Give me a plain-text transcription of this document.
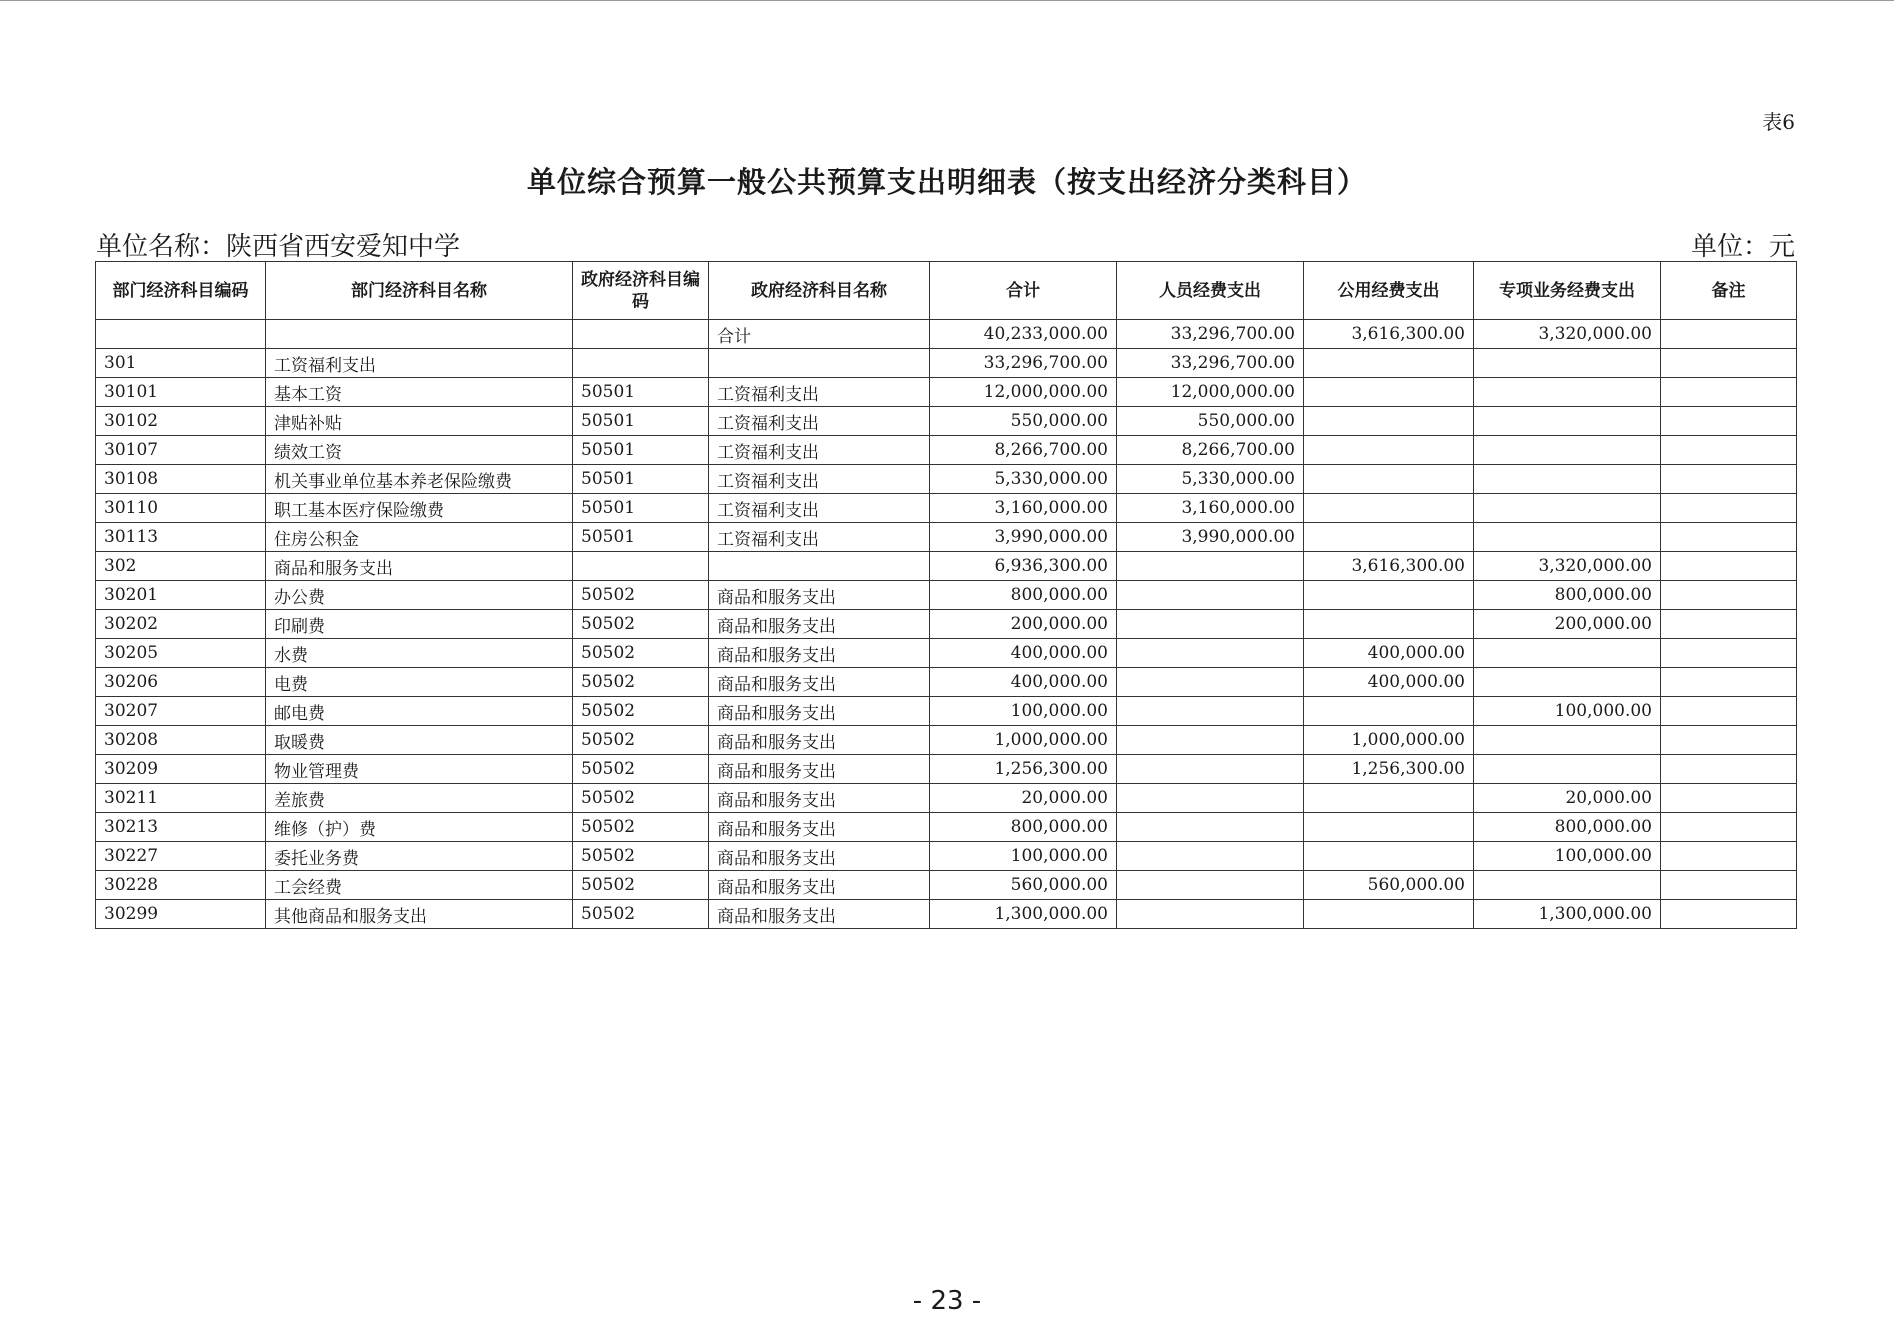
表6
单位综合预算一般公共预算支出明细表（按支出经济分类科目）
单位名称：陕西省西安爱知中学	单位：元
部门经济科目编码	部门经济科目名称	政府经济科目编码	政府经济科目名称	合计	人员经费支出	公用经费支出	专项业务经费支出	备注
			合计	40,233,000.00	33,296,700.00	3,616,300.00	3,320,000.00	
301	工资福利支出			33,296,700.00	33,296,700.00			
30101	基本工资	50501	工资福利支出	12,000,000.00	12,000,000.00			
30102	津贴补贴	50501	工资福利支出	550,000.00	550,000.00			
30107	绩效工资	50501	工资福利支出	8,266,700.00	8,266,700.00			
30108	机关事业单位基本养老保险缴费	50501	工资福利支出	5,330,000.00	5,330,000.00			
30110	职工基本医疗保险缴费	50501	工资福利支出	3,160,000.00	3,160,000.00			
30113	住房公积金	50501	工资福利支出	3,990,000.00	3,990,000.00			
302	商品和服务支出			6,936,300.00		3,616,300.00	3,320,000.00	
30201	办公费	50502	商品和服务支出	800,000.00			800,000.00	
30202	印刷费	50502	商品和服务支出	200,000.00			200,000.00	
30205	水费	50502	商品和服务支出	400,000.00		400,000.00		
30206	电费	50502	商品和服务支出	400,000.00		400,000.00		
30207	邮电费	50502	商品和服务支出	100,000.00			100,000.00	
30208	取暖费	50502	商品和服务支出	1,000,000.00		1,000,000.00		
30209	物业管理费	50502	商品和服务支出	1,256,300.00		1,256,300.00		
30211	差旅费	50502	商品和服务支出	20,000.00			20,000.00	
30213	维修（护）费	50502	商品和服务支出	800,000.00			800,000.00	
30227	委托业务费	50502	商品和服务支出	100,000.00			100,000.00	
30228	工会经费	50502	商品和服务支出	560,000.00		560,000.00		
30299	其他商品和服务支出	50502	商品和服务支出	1,300,000.00			1,300,000.00	
- 23 -
